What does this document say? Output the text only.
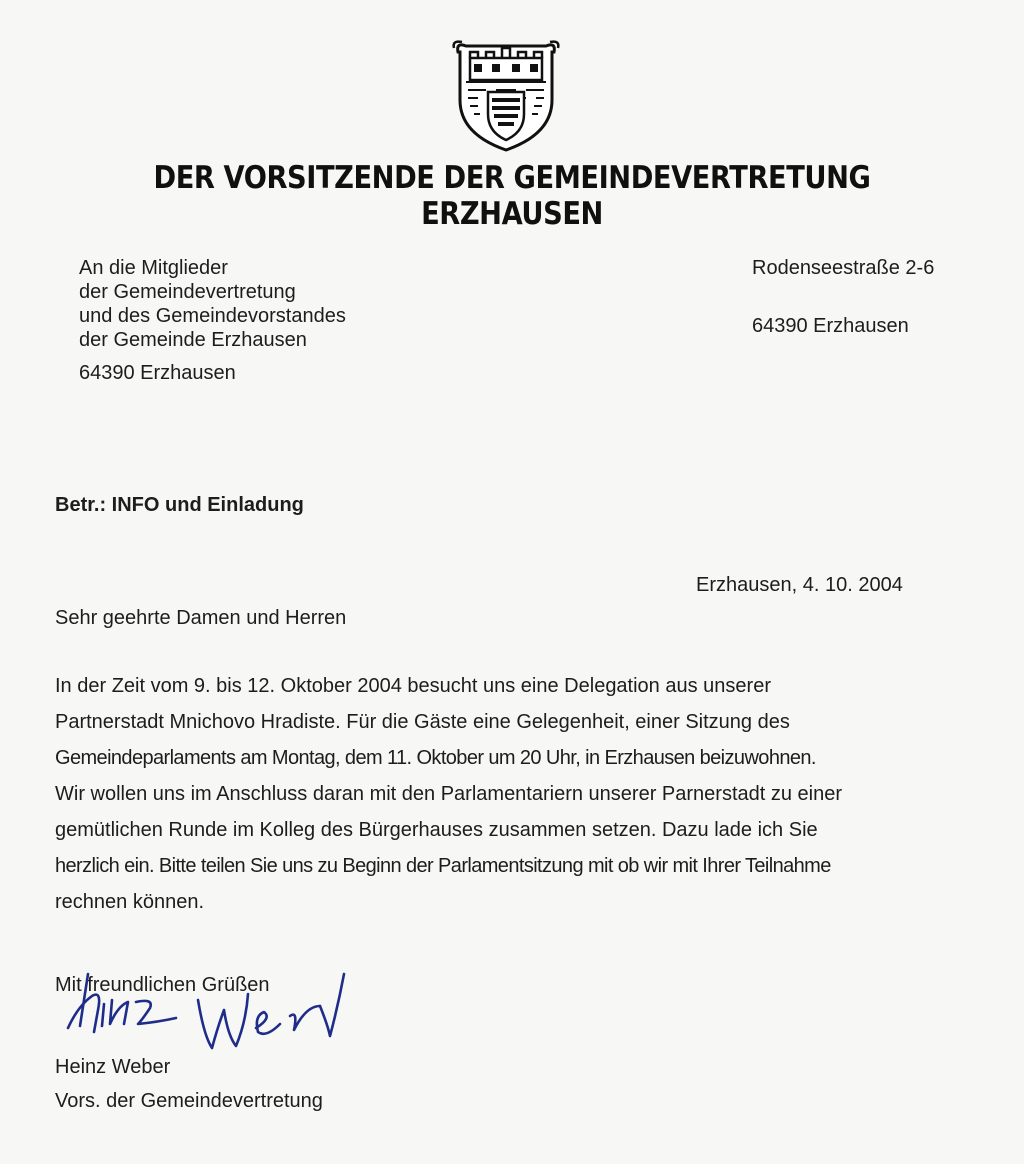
DER VORSITZENDE DER GEMEINDEVERTRETUNG ERZHAUSEN
An die Mitglieder
der Gemeindevertretung
und des Gemeindevorstandes
der Gemeinde Erzhausen
64390 Erzhausen
Rodenseestraße 2-6
64390 Erzhausen
Betr.: INFO und Einladung
Erzhausen, 4. 10. 2004
Sehr geehrte Damen und Herren
In der Zeit vom 9. bis 12. Oktober 2004 besucht uns eine Delegation aus unserer
Partnerstadt Mnichovo Hradiste. Für die Gäste eine Gelegenheit, einer Sitzung des
Gemeindeparlaments am Montag, dem 11. Oktober um 20 Uhr, in Erzhausen beizuwohnen.
Wir wollen uns im Anschluss daran mit den Parlamentariern unserer Parnerstadt zu einer
gemütlichen Runde im Kolleg des Bürgerhauses zusammen setzen. Dazu lade ich Sie
herzlich ein. Bitte teilen Sie uns zu Beginn der Parlamentsitzung mit ob wir mit Ihrer Teilnahme
rechnen können.
Mit freundlichen Grüßen
Heinz Weber
Vors. der Gemeindevertretung
